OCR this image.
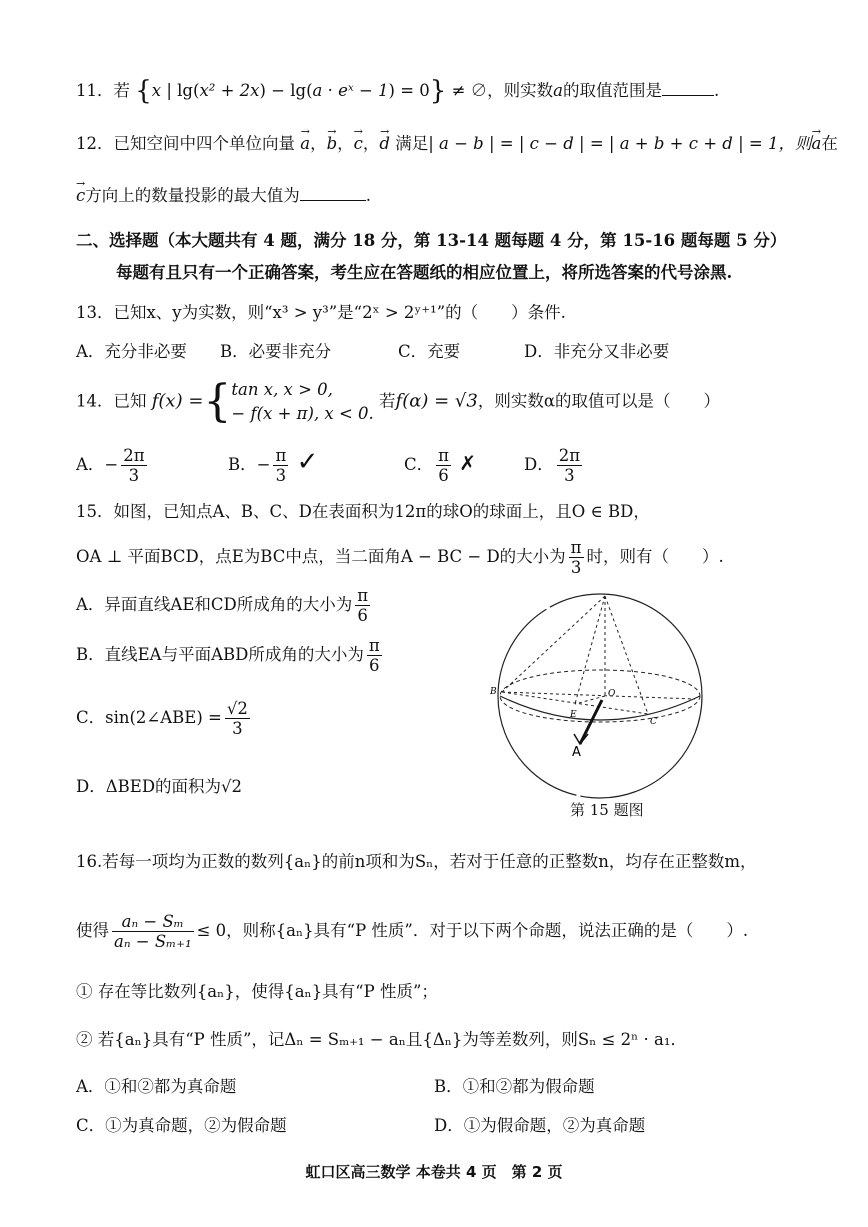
11．若 {x | lg(x² + 2x) − lg(a · eˣ − 1) = 0} ≠ ∅，则实数a的取值范围是	.
12．已知空间中四个单位向量 → a，→ b，→ c，→ d 满足| a − b | = | c − d | = | a + b + c + d | = 1，则→ a在
→ c方向上的数量投影的最大值为	.
二、选择题（本大题共有 4 题，满分 18 分，第 13-14 题每题 4 分，第 15-16 题每题 5 分）
每题有且只有一个正确答案，考生应在答题纸的相应位置上，将所选答案的代号涂黑.
13．已知x、y为实数，则“x³ > y³”是“2ˣ > 2ʸ⁺¹”的（　　）条件.
A．充分非必要 B．必要非充分	C．充要	D．非充分又非必要
14．已知 f(x) ={ tan x, x > 0,
− f(x + π), x < 0.
若f(α) = √3，则实数α的取值可以是（　　）
A．− $\frac{2\pi}{3}$	B．− $\frac{\pi}{3}$ ✓	C． $\frac{\pi}{6}$ ✗	D． $\frac{2\pi}{3}$
15．如图，已知点A、B、C、D在表面积为12π的球O的球面上，且O ∈ BD，
OA ⊥ 平面BCD，点E为BC中点，当二面角A − BC − D的大小为 $\frac{\pi}{3}$ 时，则有（　　）.
A．异面直线AE和CD所成角的大小为 $\frac{\pi}{6}$
B．直线EA与平面ABD所成角的大小为 $\frac{\pi}{6}$
C．sin(2∠ABE) = $\frac{√2}{3}$
D．ΔBED的面积为√2
B	O
E
C
A
第 15 题图
16.若每一项均为正数的数列{aₙ}的前n项和为Sₙ，若对于任意的正整数n，均存在正整数m，
使得 $\frac{\text{aₙ − Sₘ}}{\text{aₙ − Sₘ₊₁}} \le 0$，则称{aₙ}具有“P 性质”．对于以下两个命题，说法正确的是（　　）.
① 存在等比数列{aₙ}，使得{aₙ}具有“P 性质”；
② 若{aₙ}具有“P 性质”，记Δₙ = Sₘ₊₁ − aₙ且{Δₙ}为等差数列，则Sₙ ≤ 2ⁿ · a₁．
A．①和②都为真命题	B．①和②都为假命题
C．①为真命题，②为假命题	D．①为假命题，②为真命题
虹口区高三数学 本卷共 4 页　第 2 页
